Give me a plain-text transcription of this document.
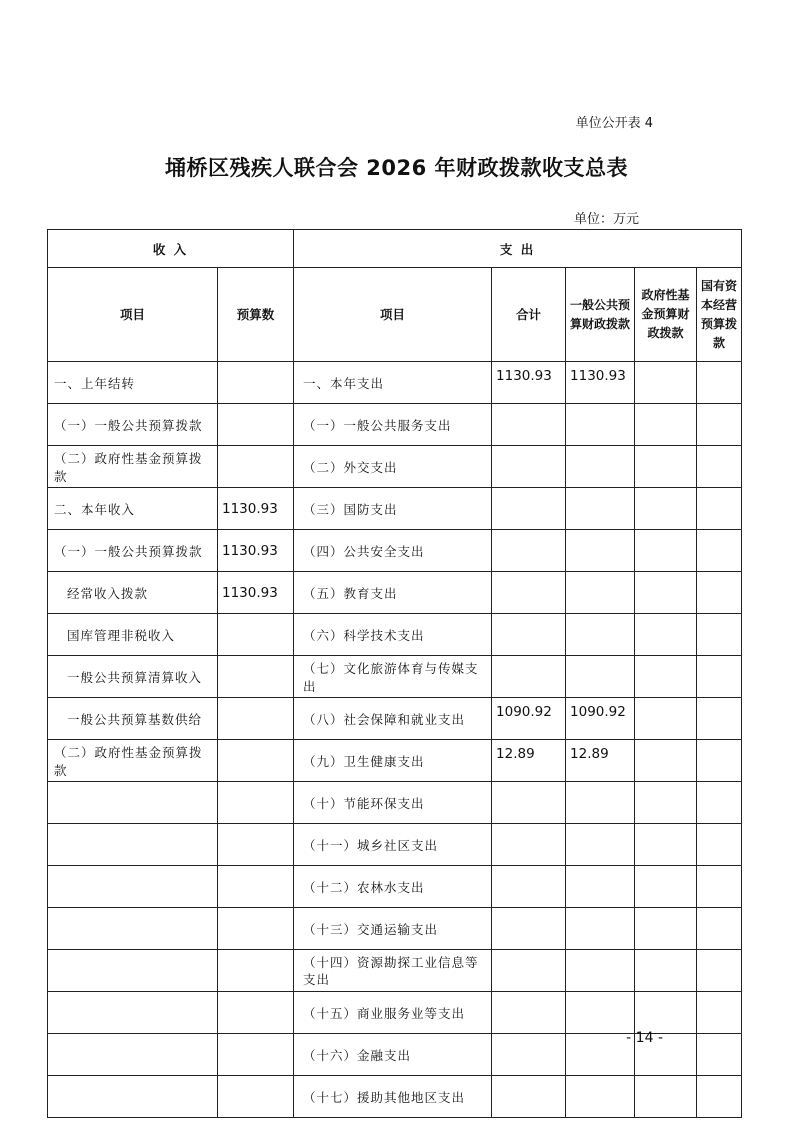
单位公开表 4
埇桥区残疾人联合会 2026 年财政拨款收支总表
单位：万元
收 入		支 出				
项目	预算数	项目	合计	一般公共预算财政拨款	政府性基金预算财政拨款	国有资本经营预算拨款
一、上年结转		一、本年支出	1130.93	1130.93		
（一）一般公共预算拨款		（一）一般公共服务支出				
（二）政府性基金预算拨款		（二）外交支出				
二、本年收入	1130.93	（三）国防支出				
（一）一般公共预算拨款	1130.93	（四）公共安全支出				
经常收入拨款	1130.93	（五）教育支出				
国库管理非税收入		（六）科学技术支出				
一般公共预算清算收入		（七）文化旅游体育与传媒支出				
一般公共预算基数供给		（八）社会保障和就业支出	1090.92	1090.92		
（二）政府性基金预算拨款		（九）卫生健康支出	12.89	12.89		
		（十）节能环保支出				
		（十一）城乡社区支出				
		（十二）农林水支出				
		（十三）交通运输支出				
		（十四）资源勘探工业信息等支出				
		（十五）商业服务业等支出				
		（十六）金融支出				
		（十七）援助其他地区支出				
- 14 -
